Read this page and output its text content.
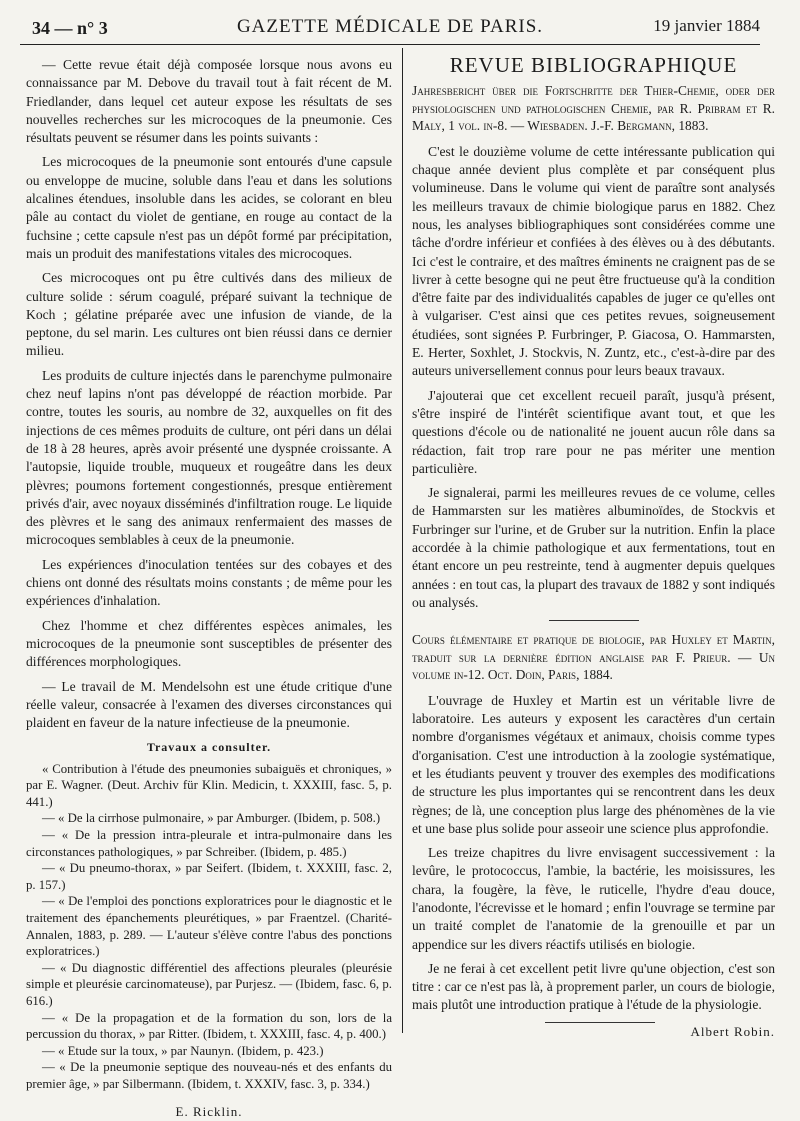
34 — n° 3	GAZETTE MÉDICALE DE PARIS.	19 janvier 1884

— Cette revue était déjà composée lorsque nous avons eu connaissance par M. Debove du travail tout à fait récent de M. Friedlander, dans lequel cet auteur expose les résultats de ses nouvelles recherches sur les microcoques de la pneumonie. Ces résultats peuvent se résumer dans les points suivants :

Les microcoques de la pneumonie sont entourés d'une capsule ou enveloppe de mucine, soluble dans l'eau et dans les solutions alcalines étendues, insoluble dans les acides, se colorant en bleu pâle au contact du violet de gentiane, en rouge au contact de la fuchsine ; cette capsule n'est pas un dépôt formé par précipitation, mais un produit des manifestations vitales des microcoques.

Ces microcoques ont pu être cultivés dans des milieux de culture solide : sérum coagulé, préparé suivant la technique de Koch ; gélatine préparée avec une infusion de viande, de la peptone, du sel marin. Les cultures ont bien réussi dans ce dernier milieu.

Les produits de culture injectés dans le parenchyme pulmonaire chez neuf lapins n'ont pas développé de réaction morbide. Par contre, toutes les souris, au nombre de 32, auxquelles on fit des injections de ces mêmes produits de culture, ont péri dans un délai de 18 à 28 heures, après avoir présenté une dyspnée croissante. A l'autopsie, liquide trouble, muqueux et rougeâtre dans les deux plèvres; poumons fortement congestionnés, presque entièrement privés d'air, avec noyaux disséminés d'infiltration rouge. Le liquide des plèvres et le sang des animaux renfermaient des masses de microcoques semblables à ceux de la pneumonie.

Les expériences d'inoculation tentées sur des cobayes et des chiens ont donné des résultats moins constants ; de même pour les expériences d'inhalation.

Chez l'homme et chez différentes espèces animales, les microcoques de la pneumonie sont susceptibles de présenter des différences morphologiques.

— Le travail de M. Mendelsohn est une étude critique d'une réelle valeur, consacrée à l'examen des diverses circonstances qui plaident en faveur de la nature infectieuse de la pneumonie.

Travaux a consulter.

« Contribution à l'étude des pneumonies subaiguës et chroniques, » par E. Wagner. (Deut. Archiv für Klin. Medicin, t. XXXIII, fasc. 5, p. 441.)

— « De la cirrhose pulmonaire, » par Amburger. (Ibidem, p. 508.)

— « De la pression intra-pleurale et intra-pulmonaire dans les circonstances pathologiques, » par Schreiber. (Ibidem, p. 485.)

— « Du pneumo-thorax, » par Seifert. (Ibidem, t. XXXIII, fasc. 2, p. 157.)

— « De l'emploi des ponctions exploratrices pour le diagnostic et le traitement des épanchements pleurétiques, » par Fraentzel. (Charité-Annalen, 1883, p. 289. — L'auteur s'élève contre l'abus des ponctions exploratrices.)

— « Du diagnostic différentiel des affections pleurales (pleurésie simple et pleurésie carcinomateuse), par Purjesz. — (Ibidem, fasc. 6, p. 616.)

— « De la propagation et de la formation du son, lors de la percussion du thorax, » par Ritter. (Ibidem, t. XXXIII, fasc. 4, p. 400.)

— « Etude sur la toux, » par Naunyn. (Ibidem, p. 423.)

— « De la pneumonie septique des nouveau-nés et des enfants du premier âge, » par Silbermann. (Ibidem, t. XXXIV, fasc. 3, p. 334.)

E. Ricklin.
REVUE BIBLIOGRAPHIQUE

Jahresbericht über die Fortschritte der Thier-Chemie, oder der physiologischen und pathologischen Chemie, par R. Pribram et R. Maly, 1 vol. in-8. — Wiesbaden. J.-F. Bergmann, 1883.

C'est le douzième volume de cette intéressante publication qui chaque année devient plus complète et par conséquent plus volumineuse. Dans le volume qui vient de paraître sont analysés les meilleurs travaux de chimie biologique parus en 1882. Chez nous, les analyses bibliographiques sont considérées comme une tâche d'ordre inférieur et confiées à des élèves ou à des débutants. Ici c'est le contraire, et des maîtres éminents ne craignent pas de se livrer à cette besogne qui ne peut être fructueuse qu'à la condition d'être faite par des individualités capables de juger ce qu'elles ont à vulgariser. C'est ainsi que ces petites revues, soigneusement étudiées, sont signées P. Furbringer, P. Giacosa, O. Hammarsten, E. Herter, Soxhlet, J. Stockvis, N. Zuntz, etc., c'est-à-dire par des auteurs universellement connus pour leurs beaux travaux.

J'ajouterai que cet excellent recueil paraît, jusqu'à présent, s'être inspiré de l'intérêt scientifique avant tout, et que les questions d'école ou de nationalité ne jouent aucun rôle dans sa rédaction, fait trop rare pour ne pas mériter une mention particulière.

Je signalerai, parmi les meilleures revues de ce volume, celles de Hammarsten sur les matières albuminoïdes, de Stockvis et Furbringer sur l'urine, et de Gruber sur la nutrition. Enfin la place accordée à la chimie pathologique et aux fermentations, tout en étant encore un peu restreinte, tend à augmenter depuis quelques années : en tout cas, la plupart des travaux de 1882 y sont indiqués ou analysés.

Cours élémentaire et pratique de biologie, par Huxley et Martin, traduit sur la dernière édition anglaise par F. Prieur. — Un volume in-12. Oct. Doin, Paris, 1884.

L'ouvrage de Huxley et Martin est un véritable livre de laboratoire. Les auteurs y exposent les caractères d'un certain nombre d'organismes végétaux et animaux, choisis comme types d'organisation. C'est une introduction à la zoologie systématique, et les étudiants peuvent y trouver des exemples des modifications de structure les plus importantes qui se rencontrent dans les deux règnes; de là, une conception plus large des phénomènes de la vie et une base plus solide pour asseoir une science plus approfondie.

Les treize chapitres du livre envisagent successivement : la levûre, le protococcus, l'ambie, la bactérie, les moisissures, les chara, la fougère, la fève, le ruticelle, l'hydre d'eau douce, l'anodonte, l'écrevisse et le homard ; enfin l'ouvrage se termine par un traité complet de l'anatomie de la grenouille et par un appendice sur les divers réactifs utilisés en biologie.

Je ne ferai à cet excellent petit livre qu'une objection, c'est son titre : car ce n'est pas là, à proprement parler, un cours de biologie, mais plutôt une introduction pratique à l'étude de la physiologie.

Albert Robin.
